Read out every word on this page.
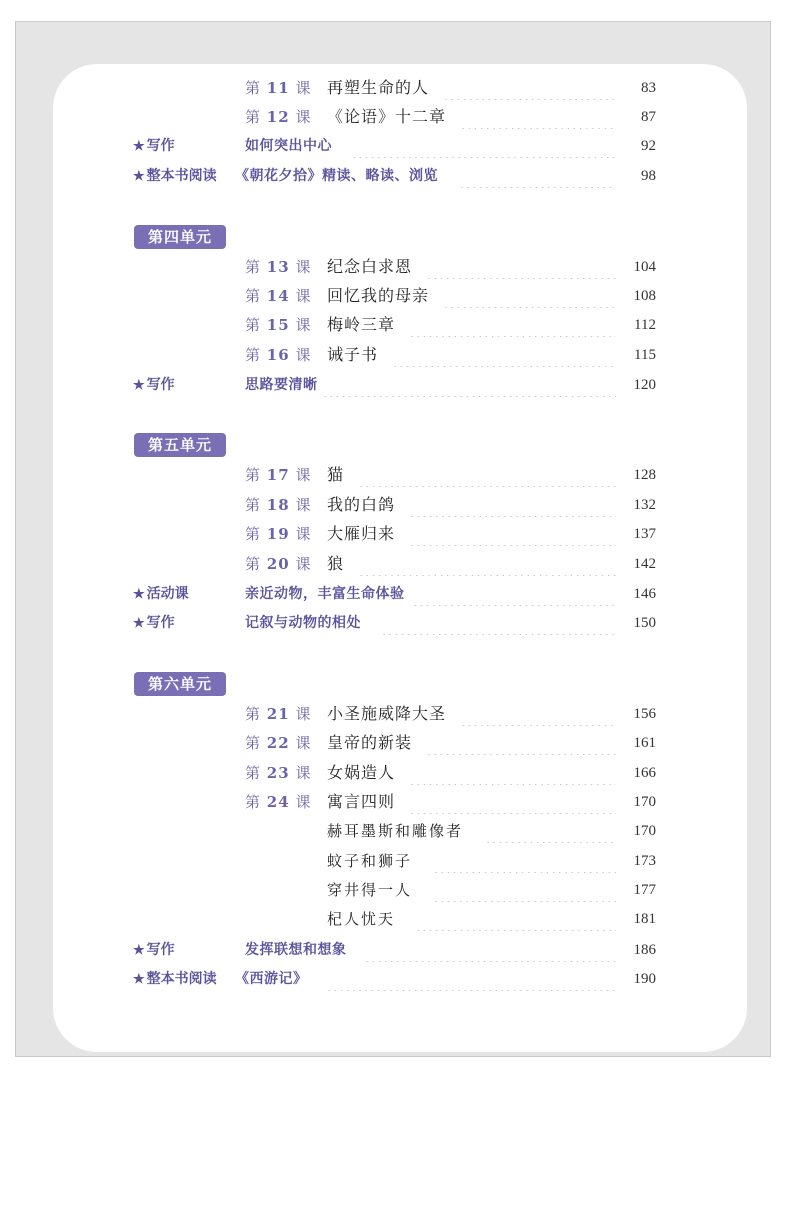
第 11 课 再塑生命的人	83
第 12 课 《论语》十二章	87
★ 写作	如何突出中心	92
★ 整本书阅读 《朝花夕拾》精读、略读、浏览	98
第四单元
第 13 课 纪念白求恩	104
第 14 课 回忆我的母亲	108
第 15 课 梅岭三章	112
第 16 课 诫子书	115
★ 写作	思路要清晰	120
第五单元
第 17 课 猫	128
第 18 课 我的白鸽	132
第 19 课 大雁归来	137
第 20 课 狼	142
★ 活动课	亲近动物，丰富生命体验	146
★ 写作	记叙与动物的相处	150
第六单元
第 21 课 小圣施威降大圣	156
第 22 课 皇帝的新装	161
第 23 课 女娲造人	166
第 24 课 寓言四则	170
赫耳墨斯和雕像者	170
蚊子和狮子	173
穿井得一人	177
杞人忧天	181
★ 写作	发挥联想和想象	186
★ 整本书阅读 《西游记》	190
